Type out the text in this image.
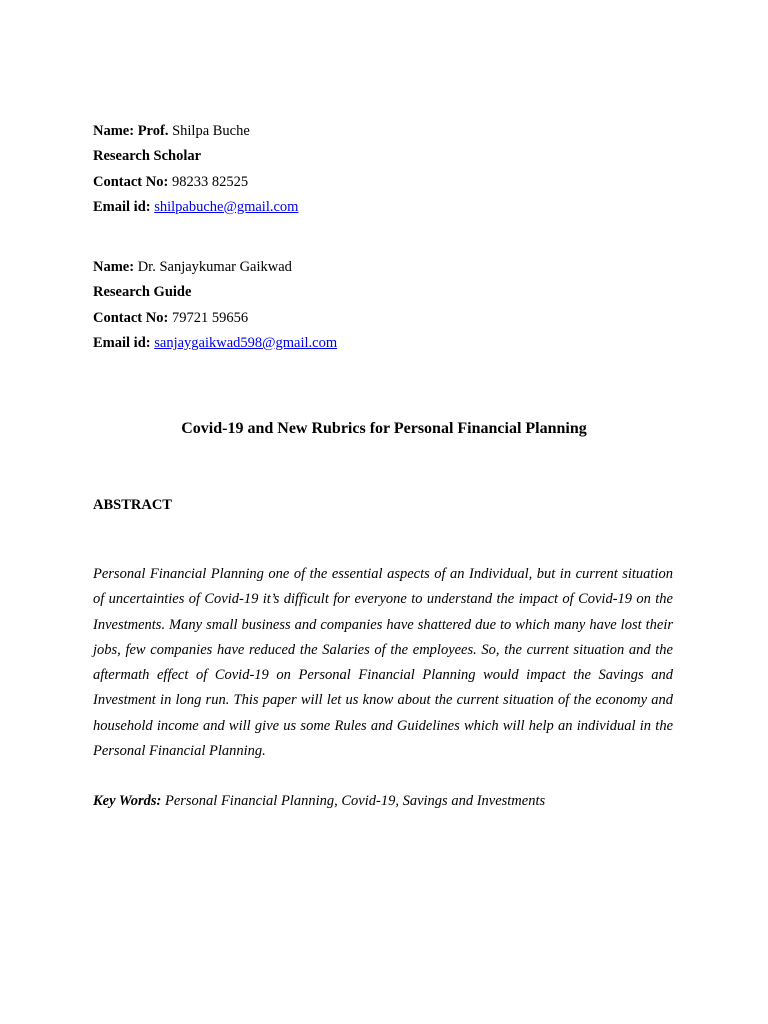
Name: Prof. Shilpa Buche
Research Scholar
Contact No: 98233 82525
Email id: shilpabuche@gmail.com
Name: Dr. Sanjaykumar Gaikwad
Research Guide
Contact No: 79721 59656
Email id: sanjaygaikwad598@gmail.com
Covid-19 and New Rubrics for Personal Financial Planning
ABSTRACT

Personal Financial Planning one of the essential aspects of an Individual, but in current situation of uncertainties of Covid-19 it’s difficult for everyone to understand the impact of Covid-19 on the Investments. Many small business and companies have shattered due to which many have lost their jobs, few companies have reduced the Salaries of the employees. So, the current situation and the aftermath effect of Covid-19 on Personal Financial Planning would impact the Savings and Investment in long run. This paper will let us know about the current situation of the economy and household income and will give us some Rules and Guidelines which will help an individual in the Personal Financial Planning.

Key Words: Personal Financial Planning, Covid-19, Savings and Investments
